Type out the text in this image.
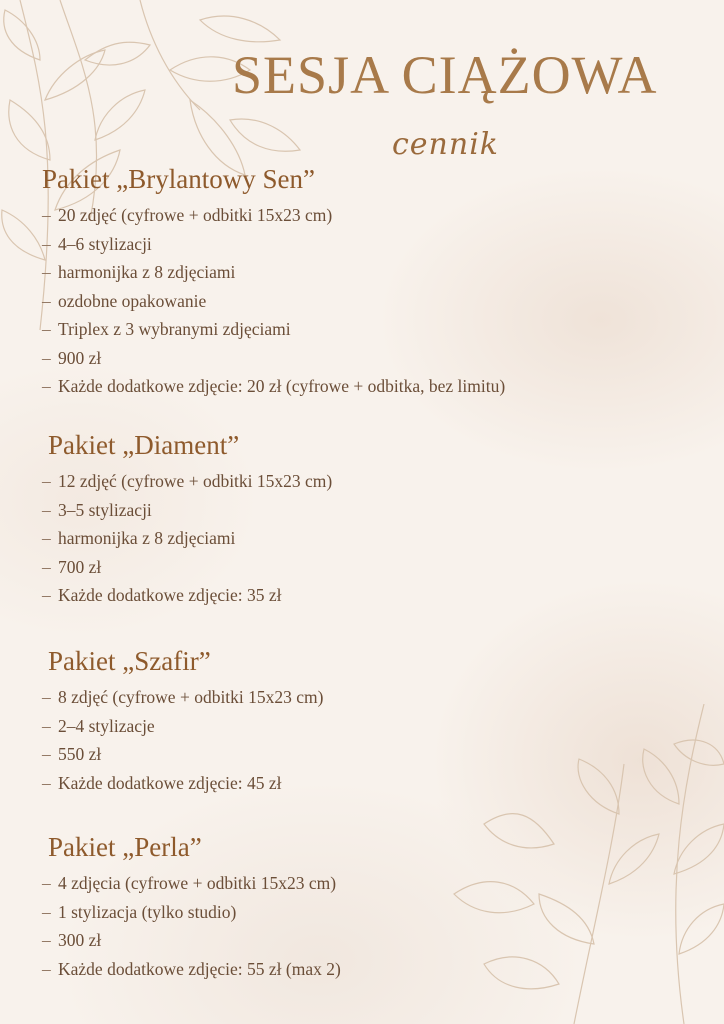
SESJA CIĄŻOWA
cennik
Pakiet „Brylantowy Sen”
– 20 zdjęć (cyfrowe + odbitki 15x23 cm)
– 4–6 stylizacji
– harmonijka z 8 zdjęciami
– ozdobne opakowanie
– Triplex z 3 wybranymi zdjęciami
– 900 zł
– Każde dodatkowe zdjęcie: 20 zł (cyfrowe + odbitka, bez limitu)
Pakiet „Diament”
– 12 zdjęć (cyfrowe + odbitki 15x23 cm)
– 3–5 stylizacji
– harmonijka z 8 zdjęciami
– 700 zł
– Każde dodatkowe zdjęcie: 35 zł
Pakiet „Szafir”
– 8 zdjęć (cyfrowe + odbitki 15x23 cm)
– 2–4 stylizacje
– 550 zł
– Każde dodatkowe zdjęcie: 45 zł
Pakiet „Perla”
– 4 zdjęcia (cyfrowe + odbitki 15x23 cm)
– 1 stylizacja (tylko studio)
– 300 zł
– Każde dodatkowe zdjęcie: 55 zł (max 2)
